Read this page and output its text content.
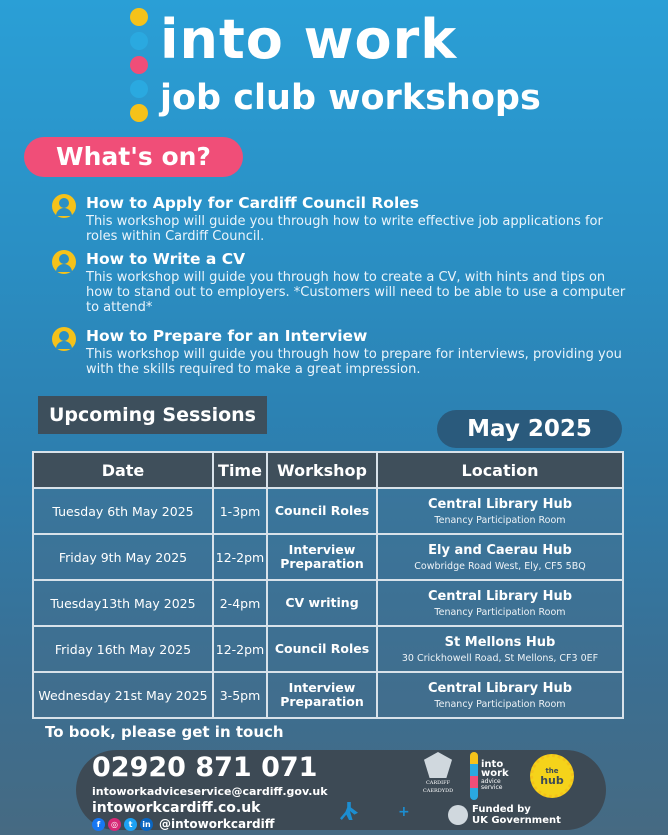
into work
job club workshops
What's on?
How to Apply for Cardiff Council Roles
This workshop will guide you through how to write effective job applications for roles within Cardiff Council.
How to Write a CV
This workshop will guide you through how to create a CV, with hints and tips on how to stand out to employers. *Customers will need to be able to use a computer to attend*
How to Prepare for an Interview
This workshop will guide you through how to prepare for interviews, providing you with the skills required to make a great impression.
Upcoming Sessions
May 2025
Date	Time	Workshop	Location
Tuesday 6th May 2025	1-3pm	Council Roles	Central Library Hub
Tenancy Participation Room

Friday 9th May 2025	12-2pm	Interview Preparation	Ely and Caerau Hub
Cowbridge Road West, Ely, CF5 5BQ

Tuesday13th May 2025	2-4pm	CV writing	Central Library Hub
Tenancy Participation Room

Friday 16th May 2025	12-2pm	Council Roles	St Mellons Hub
30 Crickhowell Road, St Mellons, CF3 0EF

Wednesday 21st May 2025	3-5pm	Interview Preparation	Central Library Hub
Tenancy Participation Room
To book, please get in touch
02920 871 071
intoworkadviceservice@cardiff.gov.uk
intoworkcardiff.co.uk
f	◎	t	in @intoworkcardiff
+
CARDIFF
CAERDYDD
into
work
advice
service
the
hub
Funded by
UK Government
